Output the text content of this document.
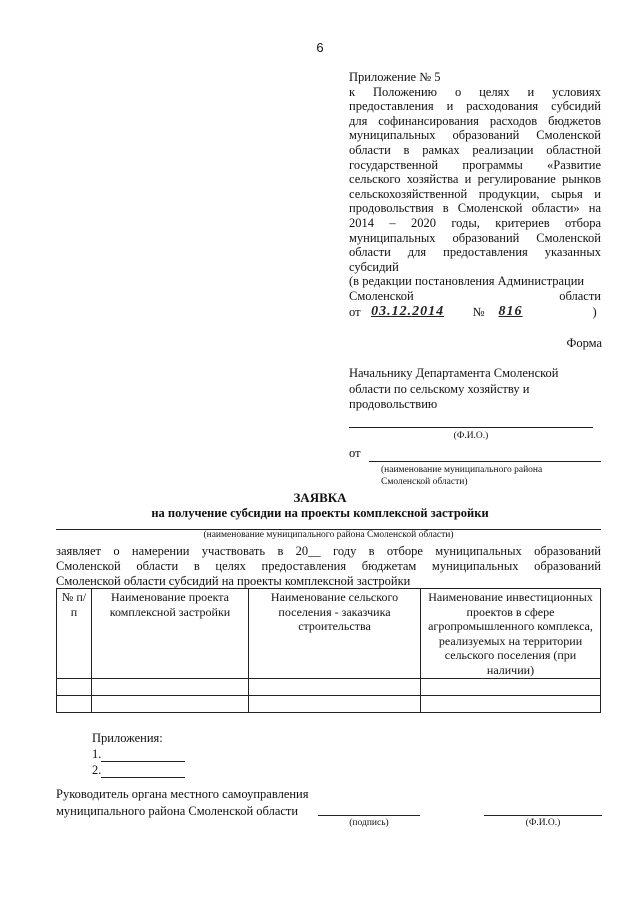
6
Приложение № 5
к Положению о целях и условиях
предоставления и расходования субсидий
для софинансирования расходов бюджетов
муниципальных образований Смоленской
области в рамках реализации областной
государственной программы «Развитие
сельского хозяйства и регулирование рынков
сельскохозяйственной продукции, сырья и
продовольствия в Смоленской области» на
2014 – 2020 годы, критериев отбора
муниципальных образований Смоленской
области для предоставления указанных
субсидий
(в редакции постановления Администрации
Смоленской	области
от 03.12.2014	№	816	)
Форма
Начальнику Департамента Смоленской
области по сельскому хозяйству и
продовольствию
(Ф.И.О.)
от
(наименование муниципального района
Смоленской области)
ЗАЯВКА
на получение субсидии на проекты комплексной застройки
(наименование муниципального района Смоленской области)
заявляет о намерении участвовать в 20__ году в отборе муниципальных образований
Смоленской области в целях предоставления бюджетам муниципальных образований
Смоленской области субсидий на проекты комплексной застройки
№ п/п	Наименование проекта комплексной застройки	Наименование сельского поселения - заказчика строительства	Наименование инвестиционных проектов в сфере агропромышленного комплекса, реализуемых на территории сельского поселения (при наличии)

Приложения:
1.
2.
Руководитель органа местного самоуправления
муниципального района Смоленской области
(подпись)	(Ф.И.О.)
